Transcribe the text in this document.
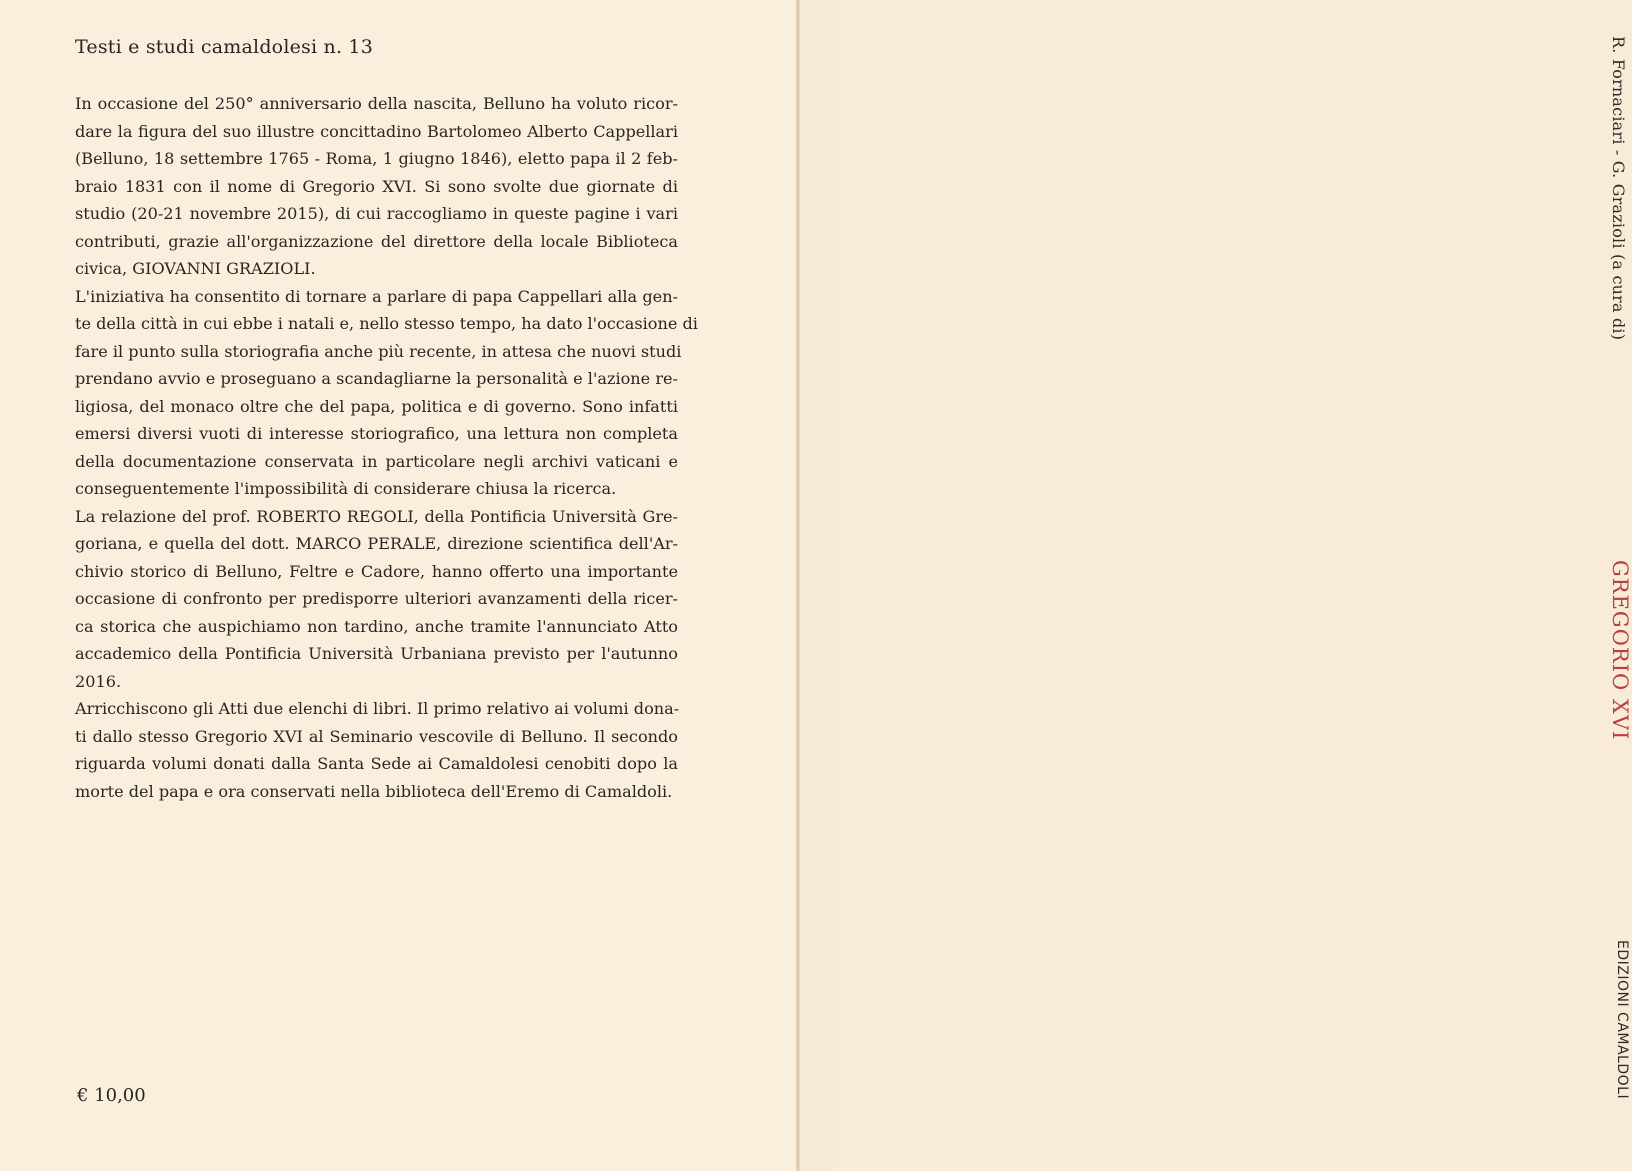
Testi e studi camaldolesi n. 13
In occasione del 250° anniversario della nascita, Belluno ha voluto ricor-
dare la figura del suo illustre concittadino Bartolomeo Alberto Cappellari
(Belluno, 18 settembre 1765 - Roma, 1 giugno 1846), eletto papa il 2 feb-
braio 1831 con il nome di Gregorio XVI. Si sono svolte due giornate di
studio (20-21 novembre 2015), di cui raccogliamo in queste pagine i vari
contributi, grazie all'organizzazione del direttore della locale Biblioteca
civica, GIOVANNI GRAZIOLI.
L'iniziativa ha consentito di tornare a parlare di papa Cappellari alla gen-
te della città in cui ebbe i natali e, nello stesso tempo, ha dato l'occasione di
fare il punto sulla storiografia anche più recente, in attesa che nuovi studi
prendano avvio e proseguano a scandagliarne la personalità e l'azione re-
ligiosa, del monaco oltre che del papa, politica e di governo. Sono infatti
emersi diversi vuoti di interesse storiografico, una lettura non completa
della documentazione conservata in particolare negli archivi vaticani e
conseguentemente l'impossibilità di considerare chiusa la ricerca.
La relazione del prof. ROBERTO REGOLI, della Pontificia Università Gre-
goriana, e quella del dott. MARCO PERALE, direzione scientifica dell'Ar-
chivio storico di Belluno, Feltre e Cadore, hanno offerto una importante
occasione di confronto per predisporre ulteriori avanzamenti della ricer-
ca storica che auspichiamo non tardino, anche tramite l'annunciato Atto
accademico della Pontificia Università Urbaniana previsto per l'autunno
2016.
Arricchiscono gli Atti due elenchi di libri. Il primo relativo ai volumi dona-
ti dallo stesso Gregorio XVI al Seminario vescovile di Belluno. Il secondo
riguarda volumi donati dalla Santa Sede ai Camaldolesi cenobiti dopo la
morte del papa e ora conservati nella biblioteca dell'Eremo di Camaldoli.
€ 10,00
R. Fornaciari - G. Grazioli (a cura di)
GREGORIO XVI
EDIZIONI CAMALDOLI
